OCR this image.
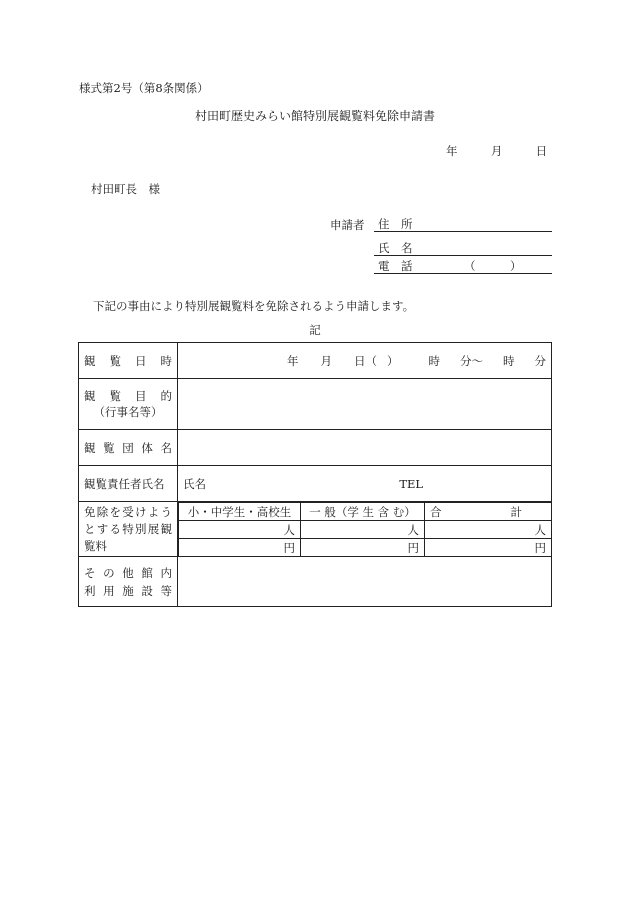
様式第2号（第8条関係）
村田町歴史みらい館特別展観覧料免除申請書
年	月	日
村田町長　様
申請者 住　所
氏　名
電　話	（　　　）
下記の事由により特別展観覧料を免除されるよう申請します。
記
観　覧　日　時	年 月 日（ ）	時 分〜 時 分

観　覧　目　的
（行事名等）

観 覧 団 体 名	
観覧責任者氏名	氏名	TEL

免除を受けよう
とする特別展観
覧料

小・中学生・高校生	一 般（学 生 含 む）	合　　　　　　計
人	人	人
円	円	円

そ の 他 館 内
利 用 施 設 等
